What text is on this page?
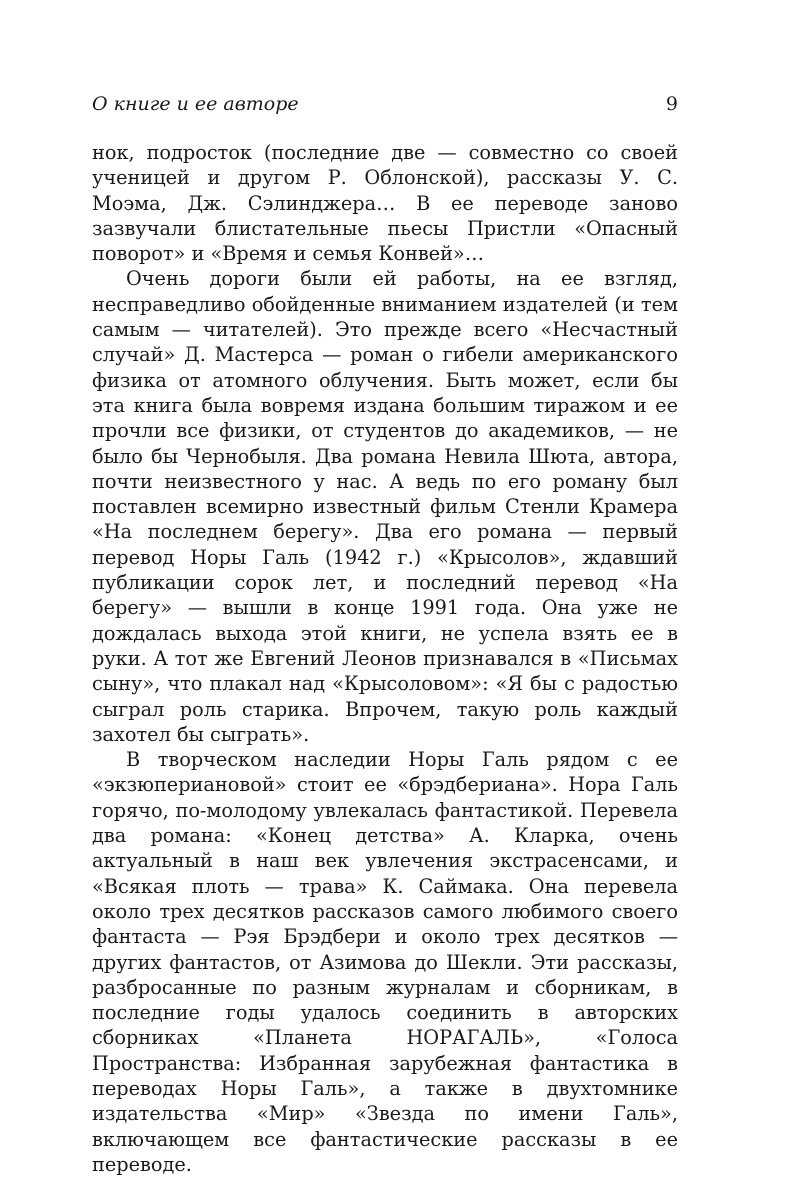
О книге и ее авторе	9

нок, подросток (последние две — совместно со своей ученицей и другом Р. Облонской), рассказы У. С. Моэма, Дж. Сэлинджера… В ее переводе заново зазвучали блистательные пьесы Пристли «Опасный поворот» и «Время и семья Конвей»…

Очень дороги были ей работы, на ее взгляд, несправедливо обойденные вниманием издателей (и тем самым — читателей). Это прежде всего «Несчастный случай» Д. Мастерса — роман о гибели американского физика от атомного облучения. Быть может, если бы эта книга была вовремя издана большим тиражом и ее прочли все физики, от студентов до академиков, — не было бы Чернобыля. Два романа Невила Шюта, автора, почти неизвестного у нас. А ведь по его роману был поставлен всемирно известный фильм Стенли Крамера «На последнем берегу». Два его романа — первый перевод Норы Галь (1942 г.) «Крысолов», ждавший публикации сорок лет, и последний перевод «На берегу» — вышли в конце 1991 года. Она уже не дождалась выхода этой книги, не успела взять ее в руки. А тот же Евгений Леонов признавался в «Письмах сыну», что плакал над «Крысоловом»: «Я бы с радостью сыграл роль старика. Впрочем, такую роль каждый захотел бы сыграть».

В творческом наследии Норы Галь рядом с ее «экзюпериановой» стоит ее «брэдбериана». Нора Галь горячо, по-молодому увлекалась фантастикой. Перевела два романа: «Конец детства» А. Кларка, очень актуальный в наш век увлечения экстрасенсами, и «Всякая плоть — трава» К. Саймака. Она перевела около трех десятков рассказов самого любимого своего фантаста — Рэя Брэдбери и около трех десятков — других фантастов, от Азимова до Шекли. Эти рассказы, разбросанные по разным журналам и сборникам, в последние годы удалось соединить в авторских сборниках «Планета НОРАГАЛЬ», «Голоса Пространства: Избранная зарубежная фантастика в переводах Норы Галь», а также в двухтомнике издательства «Мир» «Звезда по имени Галь», включающем все фантастические рассказы в ее переводе.
